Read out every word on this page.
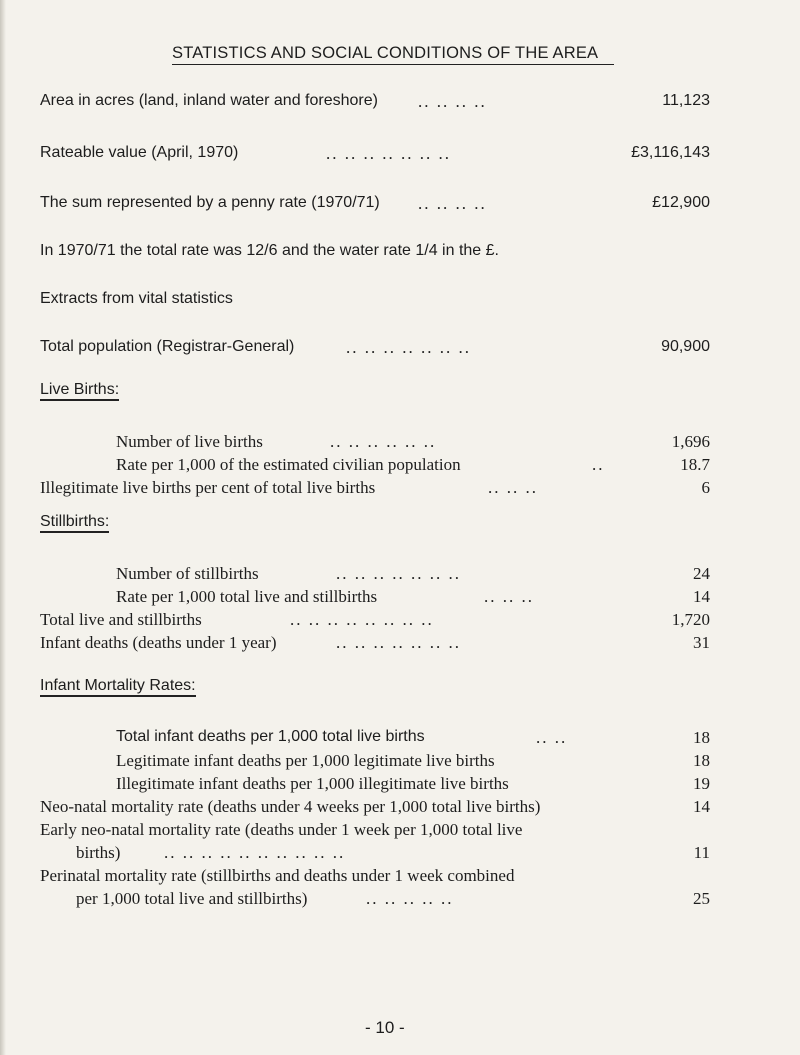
STATISTICS AND SOCIAL CONDITIONS OF THE AREA
Area in acres (land, inland water and foreshore) .. .. .. ..	11,123
Rateable value (April, 1970)	.. .. .. .. .. .. ..	£3,116,143
The sum represented by a penny rate (1970/71) .. .. .. ..	£12,900
In 1970/71 the total rate was 12/6 and the water rate 1/4 in the £.
Extracts from vital statistics
Total population (Registrar-General)	.. .. .. .. .. .. ..	90,900
Live Births:
Number of live births	.. .. .. .. .. ..	1,696
Rate per 1,000 of the estimated civilian population	..	18.7
Illegitimate live births per cent of total live births	.. .. ..	6
Stillbirths:
Number of stillbirths	.. .. .. .. .. .. ..	24
Rate per 1,000 total live and stillbirths	.. .. ..	14
Total live and stillbirths	.. .. .. .. .. .. .. ..	1,720
Infant deaths (deaths under 1 year)	.. .. .. .. .. .. ..	31
Infant Mortality Rates:
Total infant deaths per 1,000 total live births	.. ..	18
Legitimate infant deaths per 1,000 legitimate live births	18
Illegitimate infant deaths per 1,000 illegitimate live births	19
Neo-natal mortality rate (deaths under 4 weeks per 1,000 total live births)	14
Early neo-natal mortality rate (deaths under 1 week per 1,000 total live
births)	.. .. .. .. .. .. .. .. .. ..	11
Perinatal mortality rate (stillbirths and deaths under 1 week combined
per 1,000 total live and stillbirths)	.. .. .. .. ..	25
- 10 -
